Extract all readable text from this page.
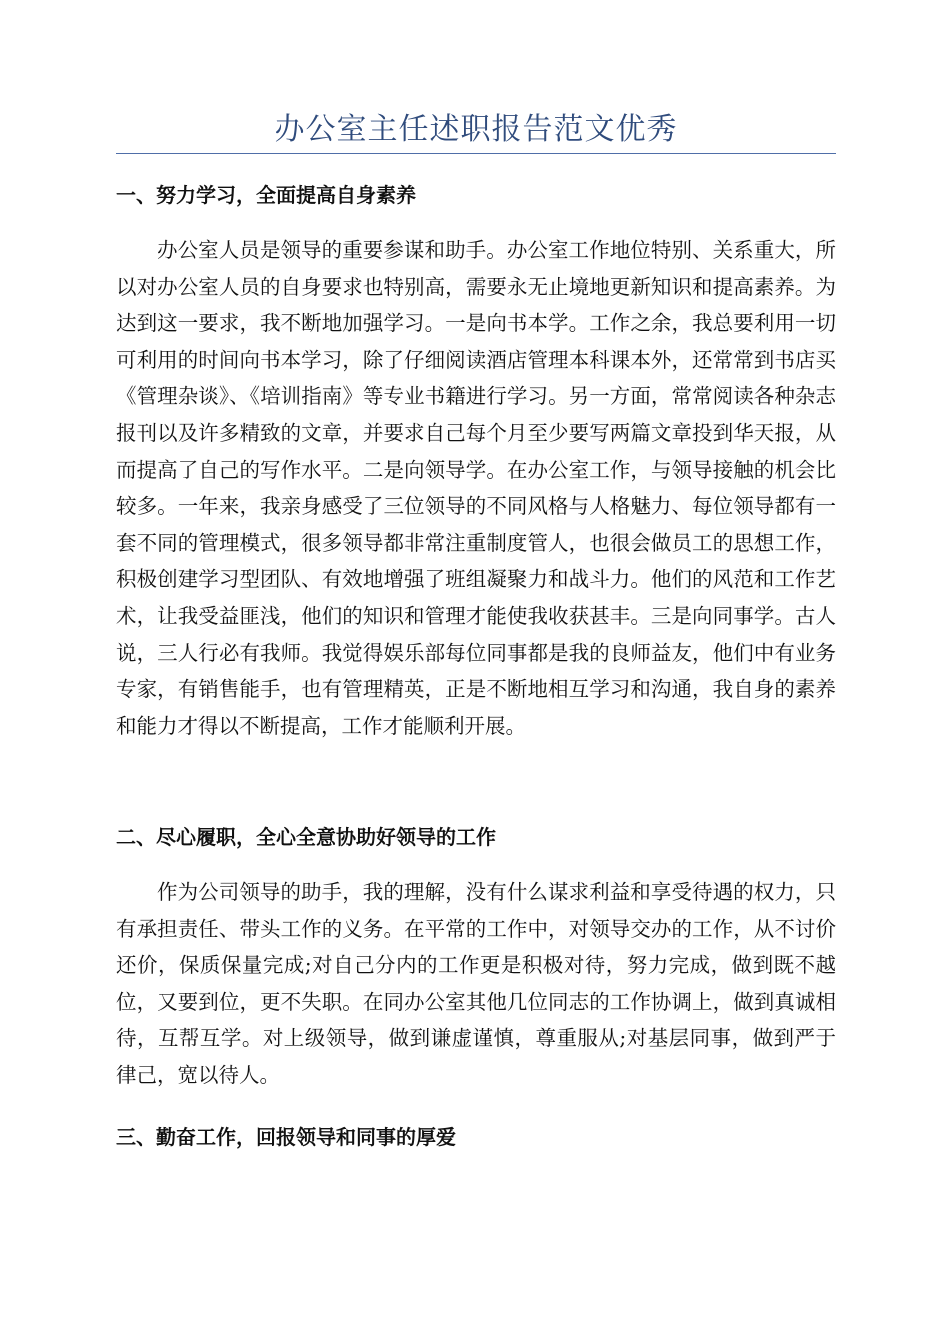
办公室主任述职报告范文优秀
一、努力学习，全面提高自身素养

办公室人员是领导的重要参谋和助手。办公室工作地位特别、关系重大，所以对办公室人员的自身要求也特别高，需要永无止境地更新知识和提高素养。为达到这一要求，我不断地加强学习。一是向书本学。工作之余，我总要利用一切可利用的时间向书本学习，除了仔细阅读酒店管理本科课本外，还常常到书店买《管理杂谈》、《培训指南》等专业书籍进行学习。另一方面，常常阅读各种杂志报刊以及许多精致的文章，并要求自己每个月至少要写两篇文章投到华天报，从而提高了自己的写作水平。二是向领导学。在办公室工作，与领导接触的机会比较多。一年来，我亲身感受了三位领导的不同风格与人格魅力、每位领导都有一套不同的管理模式，很多领导都非常注重制度管人，也很会做员工的思想工作，积极创建学习型团队、有效地增强了班组凝聚力和战斗力。他们的风范和工作艺术，让我受益匪浅，他们的知识和管理才能使我收获甚丰。三是向同事学。古人说，三人行必有我师。我觉得娱乐部每位同事都是我的良师益友，他们中有业务专家，有销售能手，也有管理精英，正是不断地相互学习和沟通，我自身的素养和能力才得以不断提高，工作才能顺利开展。

二、尽心履职，全心全意协助好领导的工作

作为公司领导的助手，我的理解，没有什么谋求利益和享受待遇的权力，只有承担责任、带头工作的义务。在平常的工作中，对领导交办的工作，从不讨价还价，保质保量完成;对自己分内的工作更是积极对待，努力完成，做到既不越位，又要到位，更不失职。在同办公室其他几位同志的工作协调上，做到真诚相待，互帮互学。对上级领导，做到谦虚谨慎，尊重服从;对基层同事，做到严于律己，宽以待人。

三、勤奋工作，回报领导和同事的厚爱
